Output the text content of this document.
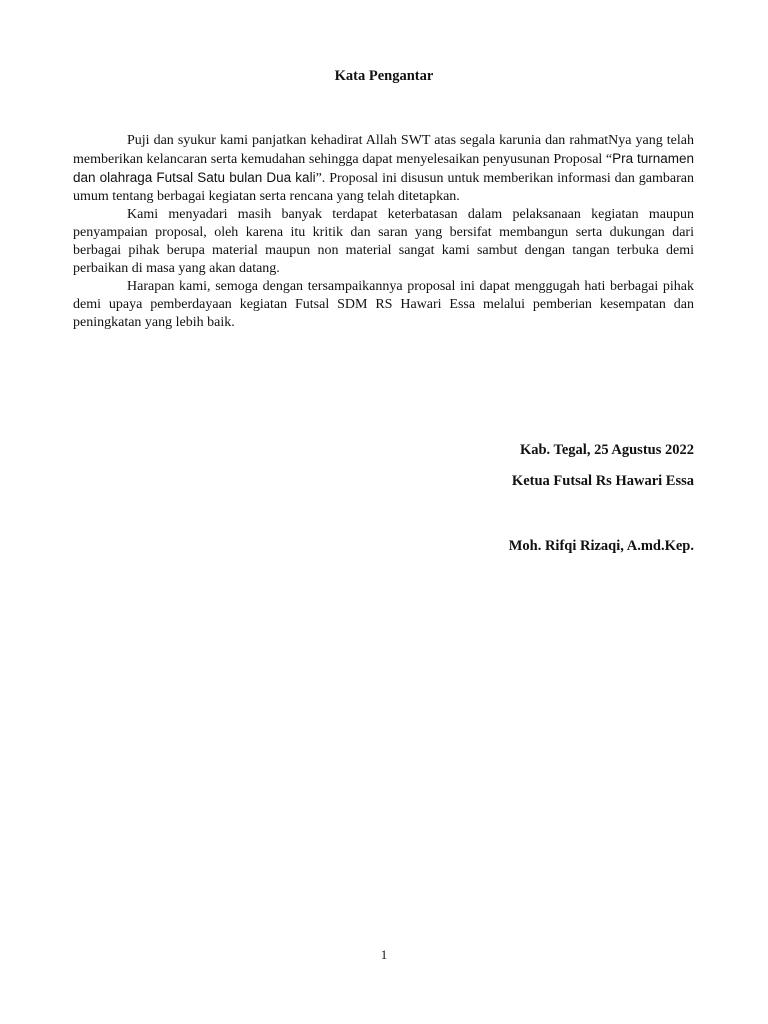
Kata Pengantar

Puji dan syukur kami panjatkan kehadirat Allah SWT atas segala karunia dan rahmatNya yang telah memberikan kelancaran serta kemudahan sehingga dapat menyelesaikan penyusunan Proposal “Pra turnamen dan olahraga Futsal Satu bulan Dua kali”. Proposal ini disusun untuk memberikan informasi dan gambaran umum tentang berbagai kegiatan serta rencana yang telah ditetapkan.

Kami menyadari masih banyak terdapat keterbatasan dalam pelaksanaan kegiatan maupun penyampaian proposal, oleh karena itu kritik dan saran yang bersifat membangun serta dukungan dari berbagai pihak berupa material maupun non material sangat kami sambut dengan tangan terbuka demi perbaikan di masa yang akan datang.

Harapan kami, semoga dengan tersampaikannya proposal ini dapat menggugah hati berbagai pihak demi upaya pemberdayaan kegiatan Futsal SDM RS Hawari Essa melalui pemberian kesempatan dan peningkatan yang lebih baik.

Kab. Tegal, 25 Agustus 2022
Ketua Futsal Rs Hawari Essa
Moh. Rifqi Rizaqi, A.md.Kep.
1
